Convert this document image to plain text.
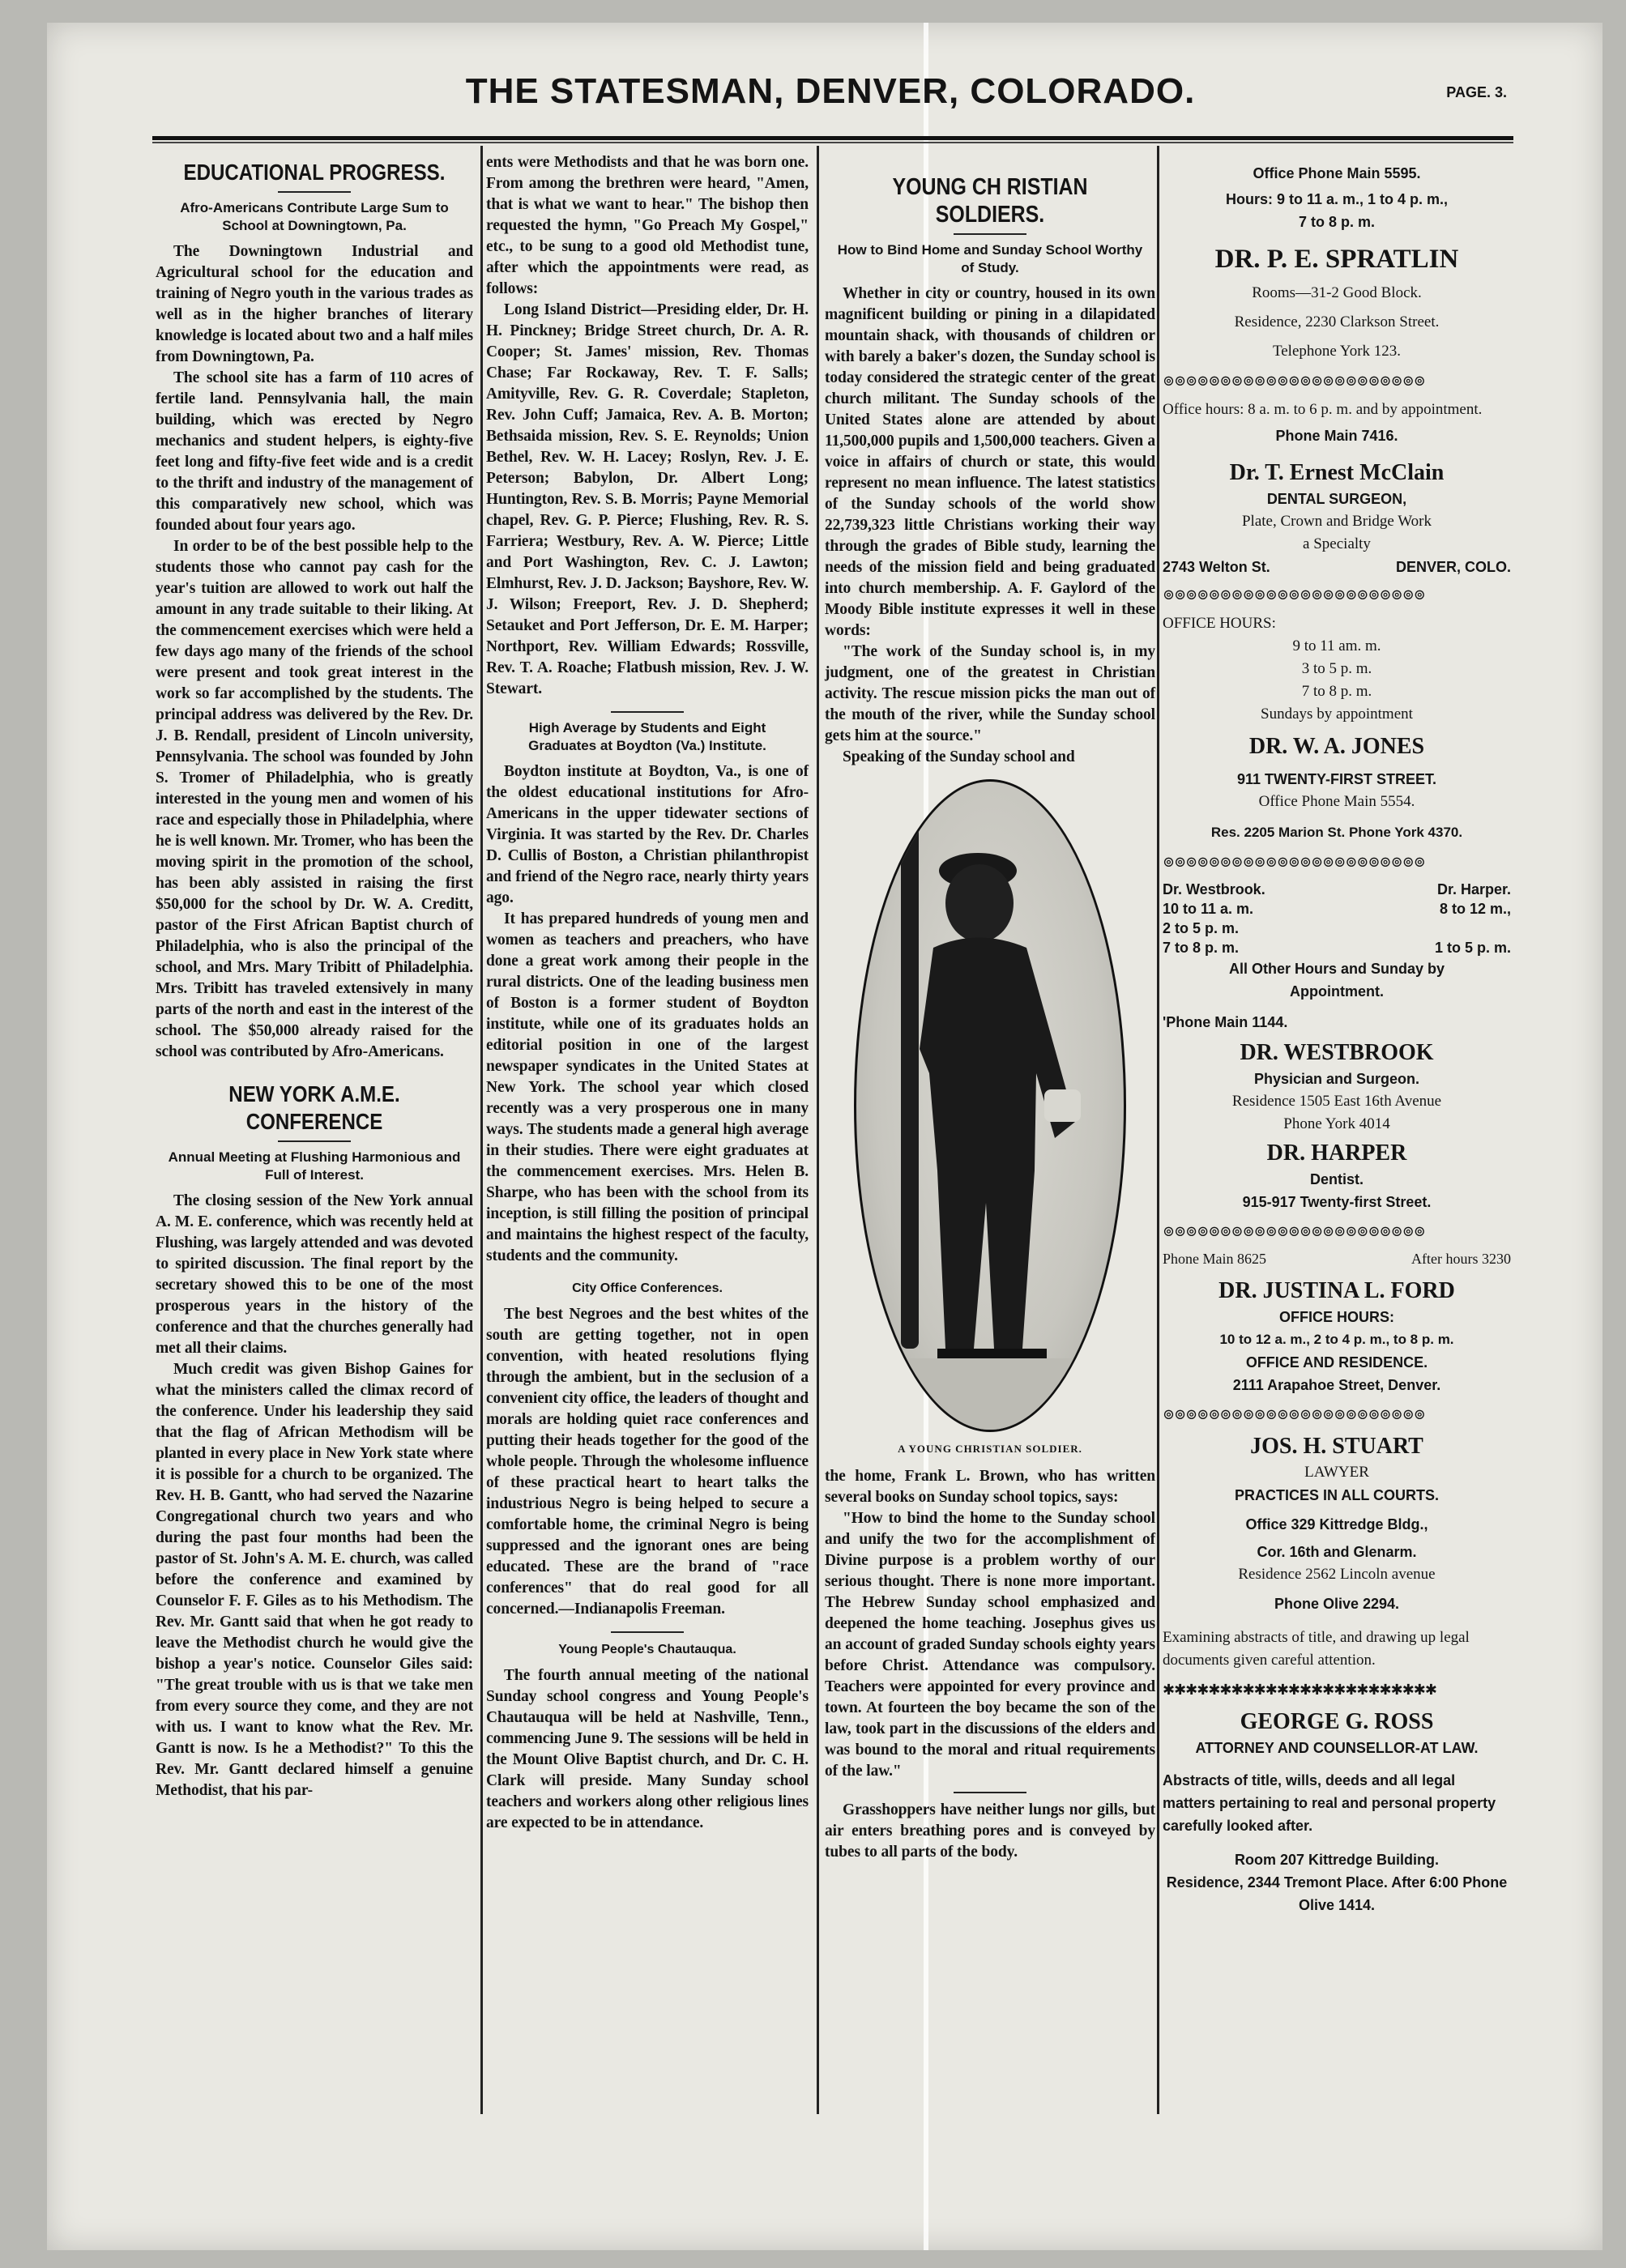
THE STATESMAN, DENVER, COLORADO.	PAGE. 3.
EDUCATIONAL PROGRESS.
Afro-Americans Contribute Large Sum to School at Downingtown, Pa.

The Downingtown Industrial and Agricultural school for the education and training of Negro youth in the various trades as well as in the higher branches of literary knowledge is located about two and a half miles from Downingtown, Pa.

The school site has a farm of 110 acres of fertile land. Pennsylvania hall, the main building, which was erected by Negro mechanics and student helpers, is eighty-five feet long and fifty-five feet wide and is a credit to the thrift and industry of the management of this comparatively new school, which was founded about four years ago.

In order to be of the best possible help to the students those who cannot pay cash for the year's tuition are allowed to work out half the amount in any trade suitable to their liking. At the commencement exercises which were held a few days ago many of the friends of the school were present and took great interest in the work so far accomplished by the students. The principal address was delivered by the Rev. Dr. J. B. Rendall, president of Lincoln university, Pennsylvania. The school was founded by John S. Tromer of Philadelphia, who is greatly interested in the young men and women of his race and especially those in Philadelphia, where he is well known. Mr. Tromer, who has been the moving spirit in the promotion of the school, has been ably assisted in raising the first $50,000 for the school by Dr. W. A. Creditt, pastor of the First African Baptist church of Philadelphia, who is also the principal of the school, and Mrs. Mary Tribitt of Philadelphia. Mrs. Tribitt has traveled extensively in many parts of the north and east in the interest of the school. The $50,000 already raised for the school was contributed by Afro-Americans.

NEW YORK A.M.E. CONFERENCE
Annual Meeting at Flushing Harmonious and Full of Interest.

The closing session of the New York annual A. M. E. conference, which was recently held at Flushing, was largely attended and was devoted to spirited discussion. The final report by the secretary showed this to be one of the most prosperous years in the history of the conference and that the churches generally had met all their claims.

Much credit was given Bishop Gaines for what the ministers called the climax record of the conference. Under his leadership they said that the flag of African Methodism will be planted in every place in New York state where it is possible for a church to be organized. The Rev. H. B. Gantt, who had served the Nazarine Congregational church two years and who during the past four months had been the pastor of St. John's A. M. E. church, was called before the conference and examined by Counselor F. F. Giles as to his Methodism. The Rev. Mr. Gantt said that when he got ready to leave the Methodist church he would give the bishop a year's notice. Counselor Giles said: "The great trouble with us is that we take men from every source they come, and they are not with us. I want to know what the Rev. Mr. Gantt is now. Is he a Methodist?" To this the Rev. Mr. Gantt declared himself a genuine Methodist, that his par-

ents were Methodists and that he was born one. From among the brethren were heard, "Amen, that is what we want to hear." The bishop then requested the hymn, "Go Preach My Gospel," etc., to be sung to a good old Methodist tune, after which the appointments were read, as follows:

Long Island District—Presiding elder, Dr. H. H. Pinckney; Bridge Street church, Dr. A. R. Cooper; St. James' mission, Rev. Thomas Chase; Far Rockaway, Rev. T. F. Salls; Amityville, Rev. G. R. Coverdale; Stapleton, Rev. John Cuff; Jamaica, Rev. A. B. Morton; Bethsaida mission, Rev. S. E. Reynolds; Union Bethel, Rev. W. H. Lacey; Roslyn, Rev. J. E. Peterson; Babylon, Dr. Albert Long; Huntington, Rev. S. B. Morris; Payne Memorial chapel, Rev. G. P. Pierce; Flushing, Rev. R. S. Farriera; Westbury, Rev. A. W. Pierce; Little and Port Washington, Rev. C. J. Lawton; Elmhurst, Rev. J. D. Jackson; Bayshore, Rev. W. J. Wilson; Freeport, Rev. J. D. Shepherd; Setauket and Port Jefferson, Dr. E. M. Harper; Northport, Rev. William Edwards; Rossville, Rev. T. A. Roache; Flatbush mission, Rev. J. W. Stewart.

High Average by Students and Eight Graduates at Boydton (Va.) Institute.

Boydton institute at Boydton, Va., is one of the oldest educational institutions for Afro-Americans in the upper tidewater sections of Virginia. It was started by the Rev. Dr. Charles D. Cullis of Boston, a Christian philanthropist and friend of the Negro race, nearly thirty years ago.

It has prepared hundreds of young men and women as teachers and preachers, who have done a great work among their people in the rural districts. One of the leading business men of Boston is a former student of Boydton institute, while one of its graduates holds an editorial position in one of the largest newspaper syndicates in the United States at New York. The school year which closed recently was a very prosperous one in many ways. The students made a general high average in their studies. There were eight graduates at the commencement exercises. Mrs. Helen B. Sharpe, who has been with the school from its inception, is still filling the position of principal and maintains the highest respect of the faculty, students and the community.

City Office Conferences.

The best Negroes and the best whites of the south are getting together, not in open convention, with heated resolutions flying through the ambient, but in the seclusion of a convenient city office, the leaders of thought and morals are holding quiet race conferences and putting their heads together for the good of the whole people. Through the wholesome influence of these practical heart to heart talks the industrious Negro is being helped to secure a comfortable home, the criminal Negro is being suppressed and the ignorant ones are being educated. These are the brand of "race conferences" that do real good for all concerned.—Indianapolis Freeman.

Young People's Chautauqua.

The fourth annual meeting of the national Sunday school congress and Young People's Chautauqua will be held at Nashville, Tenn., commencing June 9. The sessions will be held in the Mount Olive Baptist church, and Dr. C. H. Clark will preside. Many Sunday school teachers and workers along other religious lines are expected to be in attendance.

YOUNG CH RISTIAN SOLDIERS.
How to Bind Home and Sunday School Worthy of Study.

Whether in city or country, housed in its own magnificent building or pining in a dilapidated mountain shack, with thousands of children or with barely a baker's dozen, the Sunday school is today considered the strategic center of the great church militant. The Sunday schools of the United States alone are attended by about 11,500,000 pupils and 1,500,000 teachers. Given a voice in affairs of church or state, this would represent no mean influence. The latest statistics of the Sunday schools of the world show 22,739,323 little Christians working their way through the grades of Bible study, learning the needs of the mission field and being graduated into church membership. A. F. Gaylord of the Moody Bible institute expresses it well in these words:

"The work of the Sunday school is, in my judgment, one of the greatest in Christian activity. The rescue mission picks the man out of the mouth of the river, while the Sunday school gets him at the source."

Speaking of the Sunday school and

A YOUNG CHRISTIAN SOLDIER.

the home, Frank L. Brown, who has written several books on Sunday school topics, says:

"How to bind the home to the Sunday school and unify the two for the accomplishment of Divine purpose is a problem worthy of our serious thought. There is none more important. The Hebrew Sunday school emphasized and deepened the home teaching. Josephus gives us an account of graded Sunday schools eighty years before Christ. Attendance was compulsory. Teachers were appointed for every province and town. At fourteen the boy became the son of the law, took part in the discussions of the elders and was bound to the moral and ritual requirements of the law."

Grasshoppers have neither lungs nor gills, but air enters breathing pores and is conveyed by tubes to all parts of the body.

Office Phone Main 5595.
Hours: 9 to 11 a. m., 1 to 4 p. m.,
7 to 8 p. m.
DR. P. E. SPRATLIN
Rooms—31-2 Good Block.
Residence, 2230 Clarkson Street.
Telephone York 123.
⊚⊚⊚⊚⊚⊚⊚⊚⊚⊚⊚⊚⊚⊚⊚⊚⊚⊚⊚⊚⊚⊚⊚
Office hours: 8 a. m. to 6 p. m. and by appointment.
Phone Main 7416.
Dr. T. Ernest McClain
DENTAL SURGEON,
Plate, Crown and Bridge Work
a Specialty
2743 Welton St.	DENVER, COLO.
⊚⊚⊚⊚⊚⊚⊚⊚⊚⊚⊚⊚⊚⊚⊚⊚⊚⊚⊚⊚⊚⊚⊚
OFFICE HOURS:
9 to 11 am. m.
3 to 5 p. m.
7 to 8 p. m.
Sundays by appointment
DR. W. A. JONES
911 TWENTY-FIRST STREET.
Office Phone Main 5554.
Res. 2205 Marion St. Phone York 4370.
⊚⊚⊚⊚⊚⊚⊚⊚⊚⊚⊚⊚⊚⊚⊚⊚⊚⊚⊚⊚⊚⊚⊚
Dr. Westbrook.	Dr. Harper.
10 to 11 a. m.	8 to 12 m.,
2 to 5 p. m.
7 to 8 p. m.	1 to 5 p. m.
All Other Hours and Sunday by Appointment.
'Phone Main 1144.
DR. WESTBROOK
Physician and Surgeon.
Residence 1505 East 16th Avenue
Phone York 4014
DR. HARPER
Dentist.
915-917 Twenty-first Street.
⊚⊚⊚⊚⊚⊚⊚⊚⊚⊚⊚⊚⊚⊚⊚⊚⊚⊚⊚⊚⊚⊚⊚
Phone Main 8625	After hours 3230
DR. JUSTINA L. FORD
OFFICE HOURS:
10 to 12 a. m., 2 to 4 p. m., to 8 p. m.
OFFICE AND RESIDENCE.
2111 Arapahoe Street, Denver.
⊚⊚⊚⊚⊚⊚⊚⊚⊚⊚⊚⊚⊚⊚⊚⊚⊚⊚⊚⊚⊚⊚⊚
JOS. H. STUART
LAWYER
PRACTICES IN ALL COURTS.
Office 329 Kittredge Bldg.,
Cor. 16th and Glenarm.
Residence 2562 Lincoln avenue
Phone Olive 2294.
Examining abstracts of title, and drawing up legal documents given careful attention.
✱✱✱✱✱✱✱✱✱✱✱✱✱✱✱✱✱✱✱✱✱✱✱✱
GEORGE G. ROSS
ATTORNEY AND COUNSELLOR-AT LAW.
Abstracts of title, wills, deeds and all legal matters pertaining to real and personal property carefully looked after.
Room 207 Kittredge Building.
Residence, 2344 Tremont Place. After 6:00 Phone Olive 1414.
